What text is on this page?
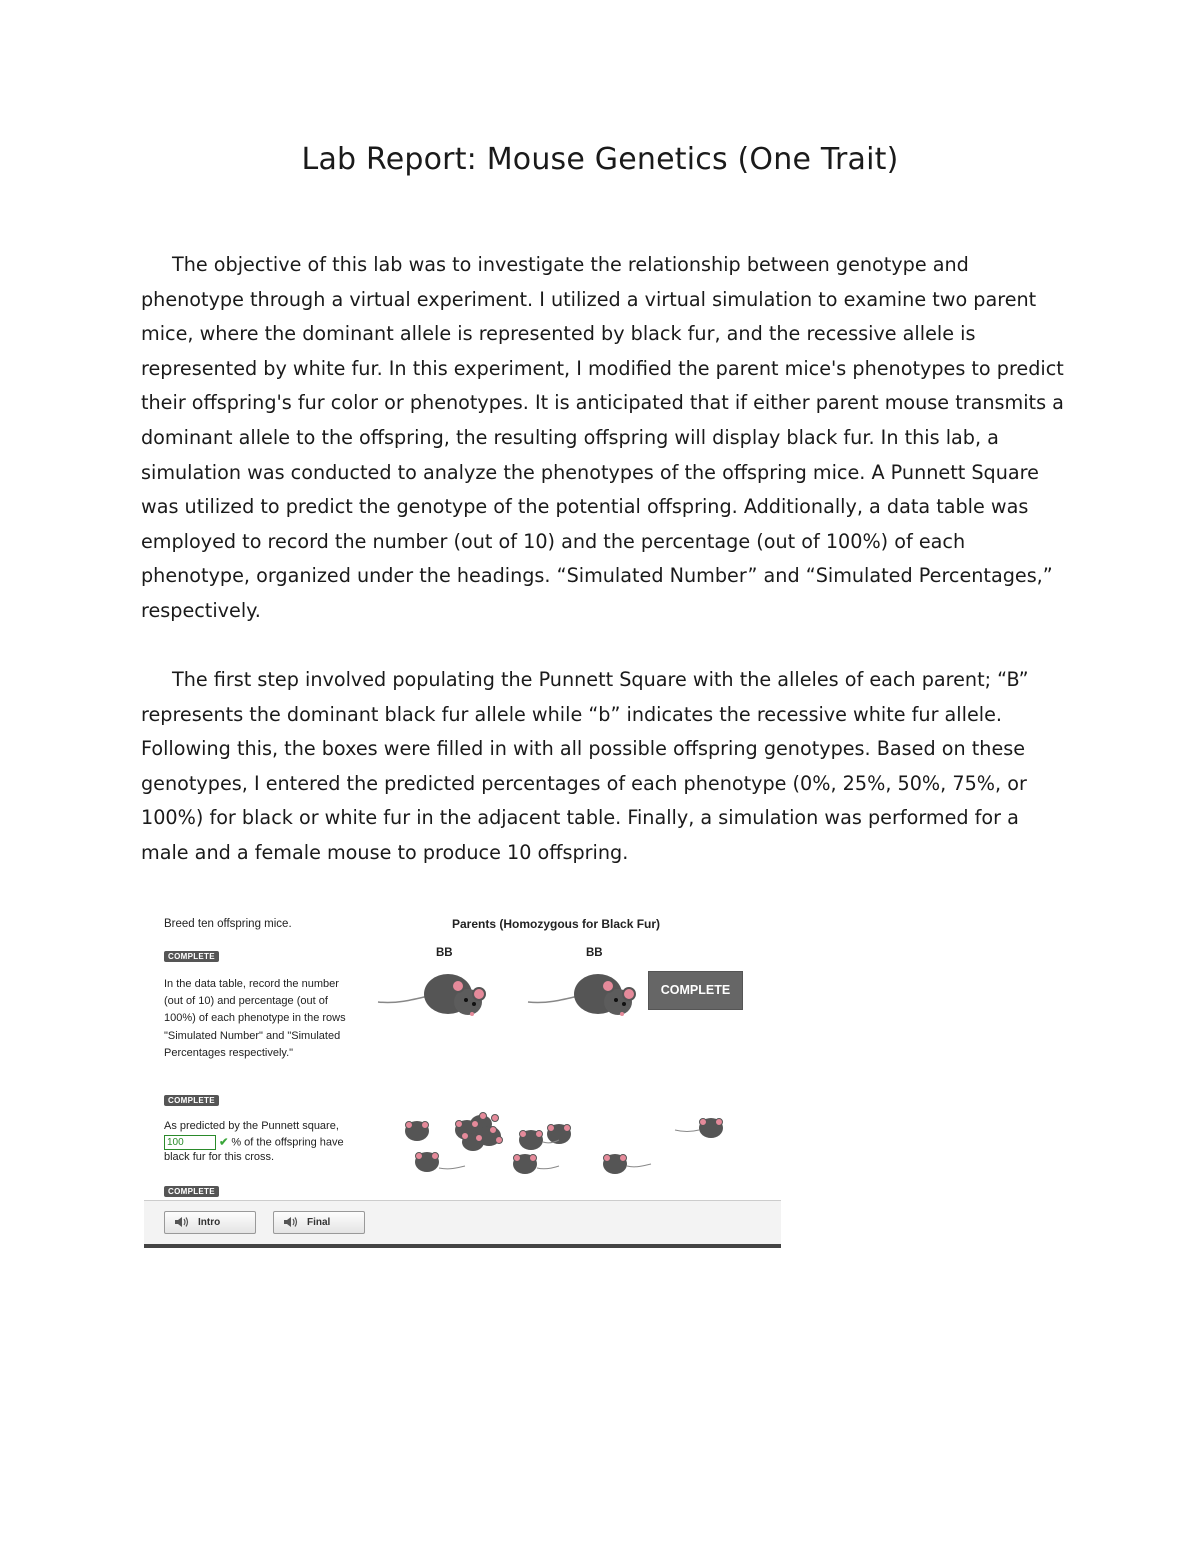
Lab Report: Mouse Genetics (One Trait)

The objective of this lab was to investigate the relationship between genotype and phenotype through a virtual experiment. I utilized a virtual simulation to examine two parent mice, where the dominant allele is represented by black fur, and the recessive allele is represented by white fur. In this experiment, I modified the parent mice's phenotypes to predict their offspring's fur color or phenotypes. It is anticipated that if either parent mouse transmits a dominant allele to the offspring, the resulting offspring will display black fur. In this lab, a simulation was conducted to analyze the phenotypes of the offspring mice. A Punnett Square was utilized to predict the genotype of the potential offspring. Additionally, a data table was employed to record the number (out of 10) and the percentage (out of 100%) of each phenotype, organized under the headings. “Simulated Number” and “Simulated Percentages,” respectively.

The first step involved populating the Punnett Square with the alleles of each parent; “B” represents the dominant black fur allele while “b” indicates the recessive white fur allele. Following this, the boxes were filled in with all possible offspring genotypes. Based on these genotypes, I entered the predicted percentages of each phenotype (0%, 25%, 50%, 75%, or 100%) for black or white fur in the adjacent table. Finally, a simulation was performed for a male and a female mouse to produce 10 offspring.

Breed ten offspring mice.
COMPLETE
In the data table, record the number (out of 10) and percentage (out of 100%) of each phenotype in the rows "Simulated Number" and "Simulated Percentages respectively."
COMPLETE
As predicted by the Punnett square, 100	✔ % of the offspring have black fur for this cross.
COMPLETE
Parents (Homozygous for Black Fur)
BB	BB
COMPLETE
Intro	Final
